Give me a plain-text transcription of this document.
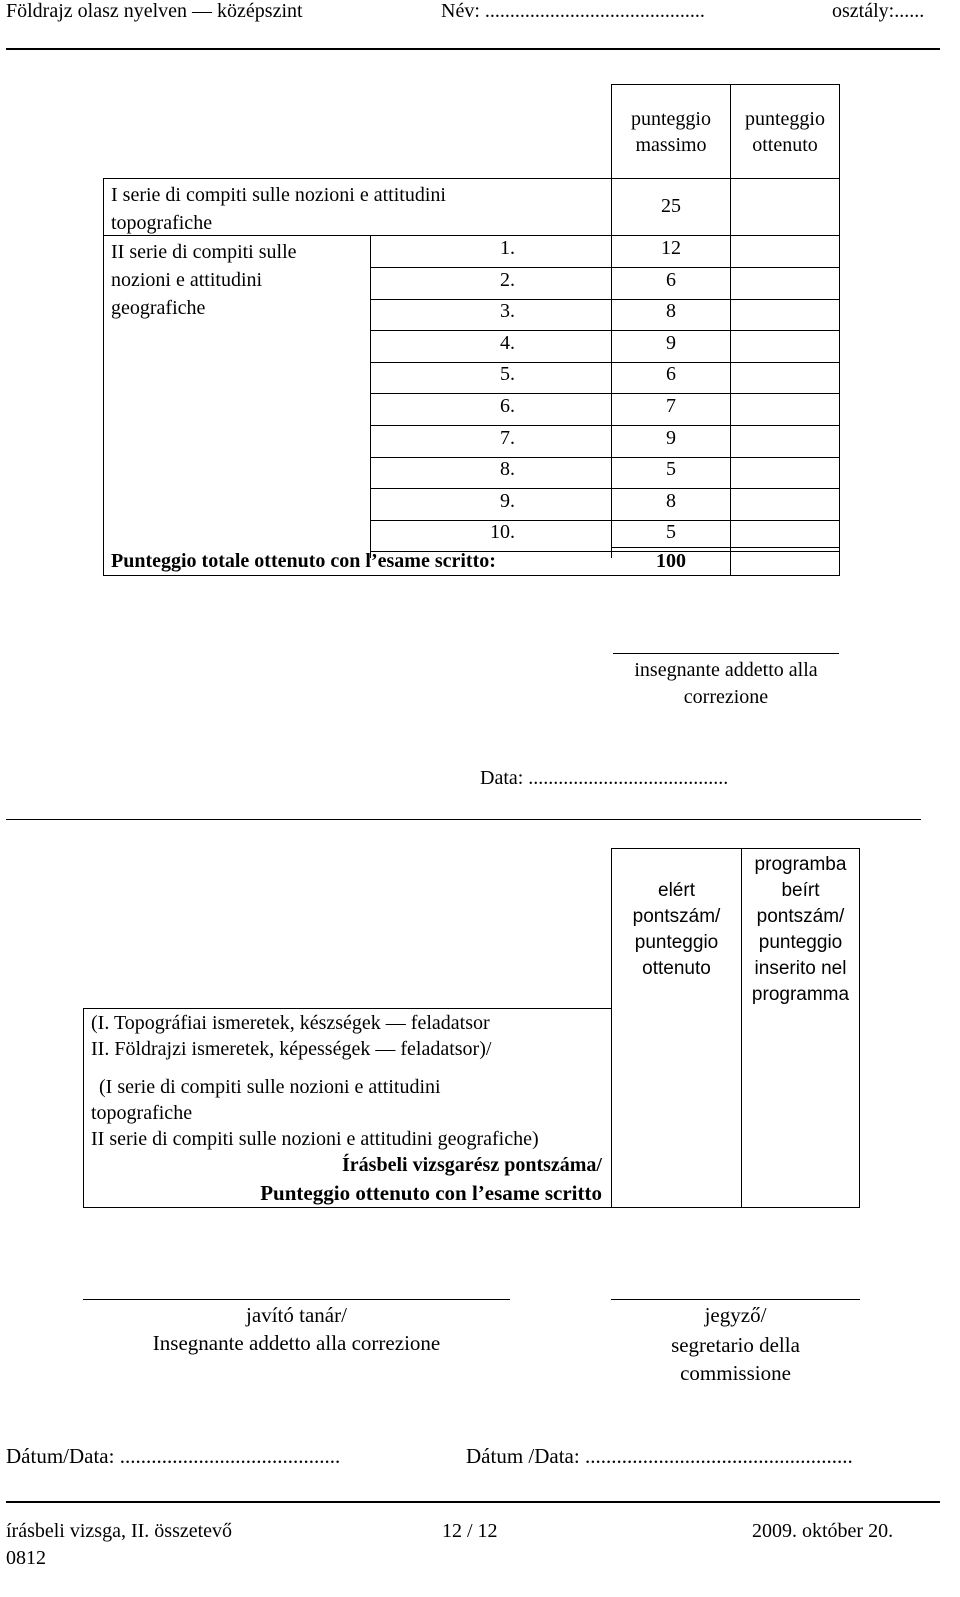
Földrajz olasz nyelven — középszint	Név: ............................................	osztály:......
punteggio massimo
punteggio ottenuto
I serie di compiti sulle nozioni e attitudini topografiche
25
II serie di compiti sulle nozioni e attitudini geografiche
1.	12
2.	6
3.	8
4.	9
5.	6
6.	7
7.	9
8.	5
9.	8
10.	5
Punteggio totale ottenuto con l’esame scritto:	100
insegnante addetto alla correzione
Data: ........................................
elért pontszám/ punteggio ottenuto
programba beírt pontszám/ punteggio inserito nel programma
(I. Topográfiai ismeretek, készségek — feladatsor
II. Földrajzi ismeretek, képességek — feladatsor)/
(I serie di compiti sulle nozioni e attitudini
topografiche
II serie di compiti sulle nozioni e attitudini geografiche)
Írásbeli vizsgarész pontszáma/
Punteggio ottenuto con l’esame scritto
javító tanár/
Insegnante addetto alla correzione
jegyző/
segretario della commissione
Dátum/Data: ..........................................	Dátum /Data: ...................................................
írásbeli vizsga, II. összetevő
0812
12 / 12	2009. október 20.
